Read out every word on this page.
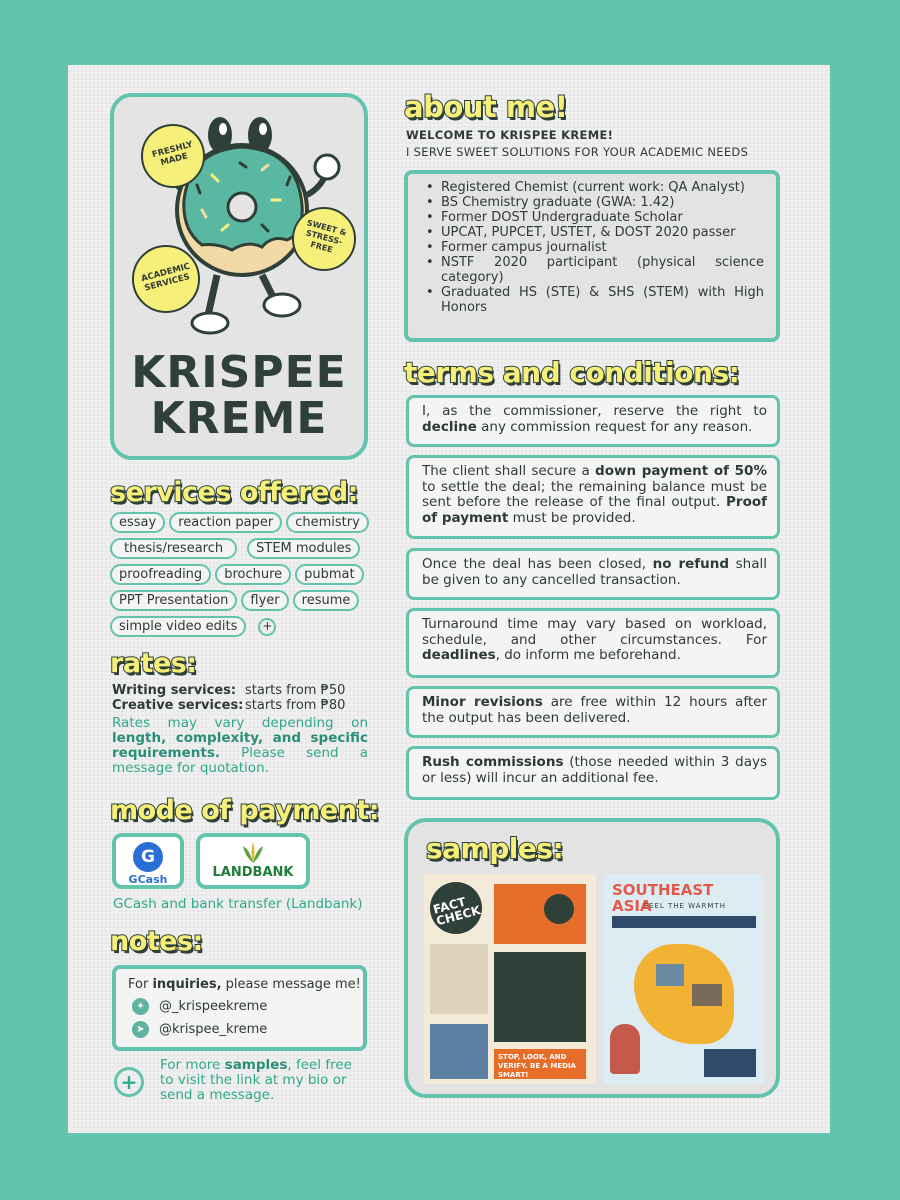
FRESHLY MADE
SWEET & STRESS-FREE
ACADEMIC SERVICES
KRISPEE
KREME
services offered:
essay	reaction paper	chemistry
thesis/research	STEM modules
proofreading	brochure	pubmat
PPT Presentation	flyer	resume
simple video edits	+
rates:
Writing services: starts from ₱50
Creative services: starts from ₱80
Rates may vary depending on length, complexity, and specific requirements. Please send a message for quotation.
mode of payment:
G
GCash	LANDBANK
GCash and bank transfer (Landbank)
notes:
For inquiries, please message me!
✦	@_krispeekreme
➤	@krispee_kreme
+
For more samples, feel free to visit the link at my bio or send a message.
about me!
WELCOME TO KRISPEE KREME!
I SERVE SWEET SOLUTIONS FOR YOUR ACADEMIC NEEDS
• Registered Chemist (current work: QA Analyst)
• BS Chemistry graduate (GWA: 1.42)
• Former DOST Undergraduate Scholar
• UPCAT, PUPCET, USTET, & DOST 2020 passer
• Former campus journalist
• NSTF 2020 participant (physical science category)
• Graduated HS (STE) & SHS (STEM) with High Honors
terms and conditions:
I, as the commissioner, reserve the right to decline any commission request for any reason.
The client shall secure a down payment of 50% to settle the deal; the remaining balance must be sent before the release of the final output. Proof of payment must be provided.
Once the deal has been closed, no refund shall be given to any cancelled transaction.
Turnaround time may vary based on workload, schedule, and other circumstances. For deadlines, do inform me beforehand.
Minor revisions are free within 12 hours after the output has been delivered.
Rush commissions (those needed within 3 days or less) will incur an additional fee.
samples:
FACT CHECK
STOP, LOOK, AND VERIFY. BE A MEDIA SMART!
SOUTHEAST ASIA
FEEL THE WARMTH
